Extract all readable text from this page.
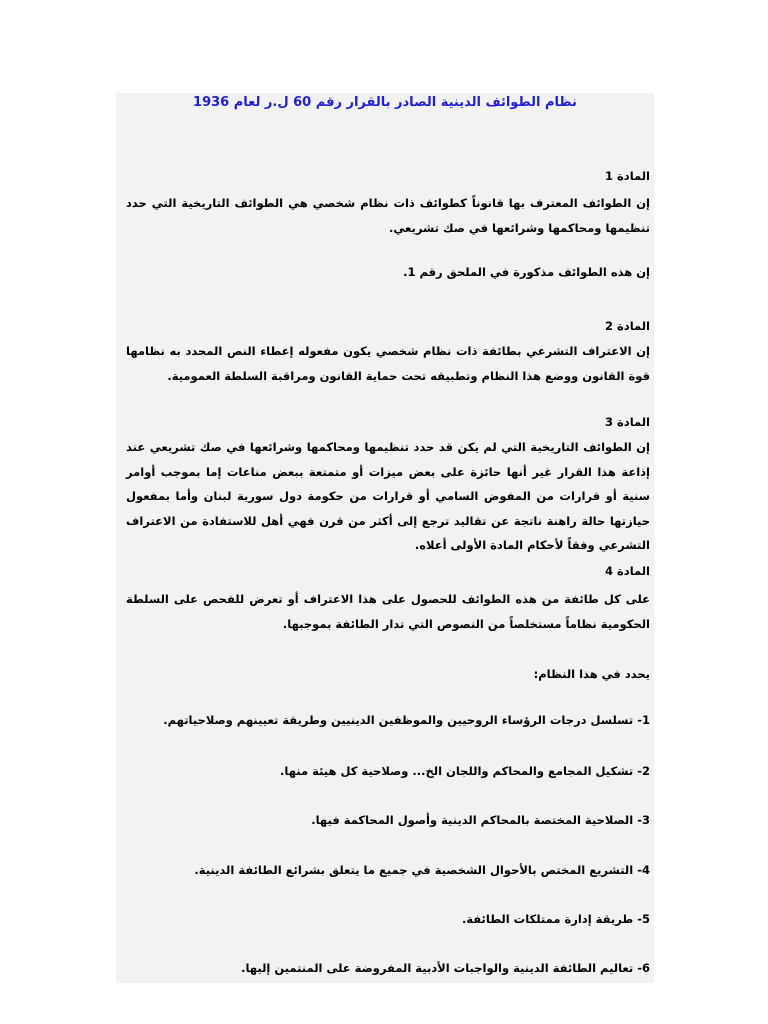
نظام الطوائف الدينية الصادر بالقرار رقم 60 ل.ر لعام 1936
المادة 1

إن الطوائف المعترف بها قانوناً كطوائف ذات نظام شخصي هي الطوائف التاريخية التي حدد تنظيمها ومحاكمها وشرائعها في صك تشريعي.

إن هذه الطوائف مذكورة في الملحق رقم 1.
المادة 2

إن الاعتراف التشرعي بطائفة ذات نظام شخصي يكون مفعوله إعطاء النص المحدد به نظامها قوة القانون ووضع هذا النظام وتطبيقه تحت حماية القانون ومراقبة السلطة العمومية.

المادة 3

إن الطوائف التاريخية التي لم يكن قد حدد تنظيمها ومحاكمها وشرائعها في صك تشريعي عند إذاعة هذا القرار غير أنها حائزة على بعض ميزات أو متمتعة ببعض مناعات إما بموجب أوامر سنية أو قرارات من المفوض السامي أو قرارات من حكومة دول سورية لبنان وأما بمفعول حيازتها حالة راهنة ناتجة عن تقاليد ترجع إلى أكثر من قرن فهي أهل للاستفادة من الاعتراف التشرعي وفقاً لأحكام المادة الأولى أعلاه.

المادة 4

على كل طائفة من هذه الطوائف للحصول على هذا الاعتراف أو تعرض للفحص على السلطة الحكومية نظاماً مستخلصاً من النصوص التي تدار الطائفة بموجبها.

يحدد في هذا النظام:
1- تسلسل درجات الرؤساء الروحيين والموظفين الدينيين وطريقة تعيينهم وصلاحياتهم.
2- تشكيل المجامع والمحاكم واللجان الخ... وصلاحية كل هيئة منها.
3- الصلاحية المختصة بالمحاكم الدينية وأصول المحاكمة فيها.
4- التشريع المختص بالأحوال الشخصية في جميع ما يتعلق بشرائع الطائفة الدينية.
5- طريقة إدارة ممتلكات الطائفة.
6- تعاليم الطائفة الدينية والواجبات الأدبية المفروضة على المنتمين إليها.
